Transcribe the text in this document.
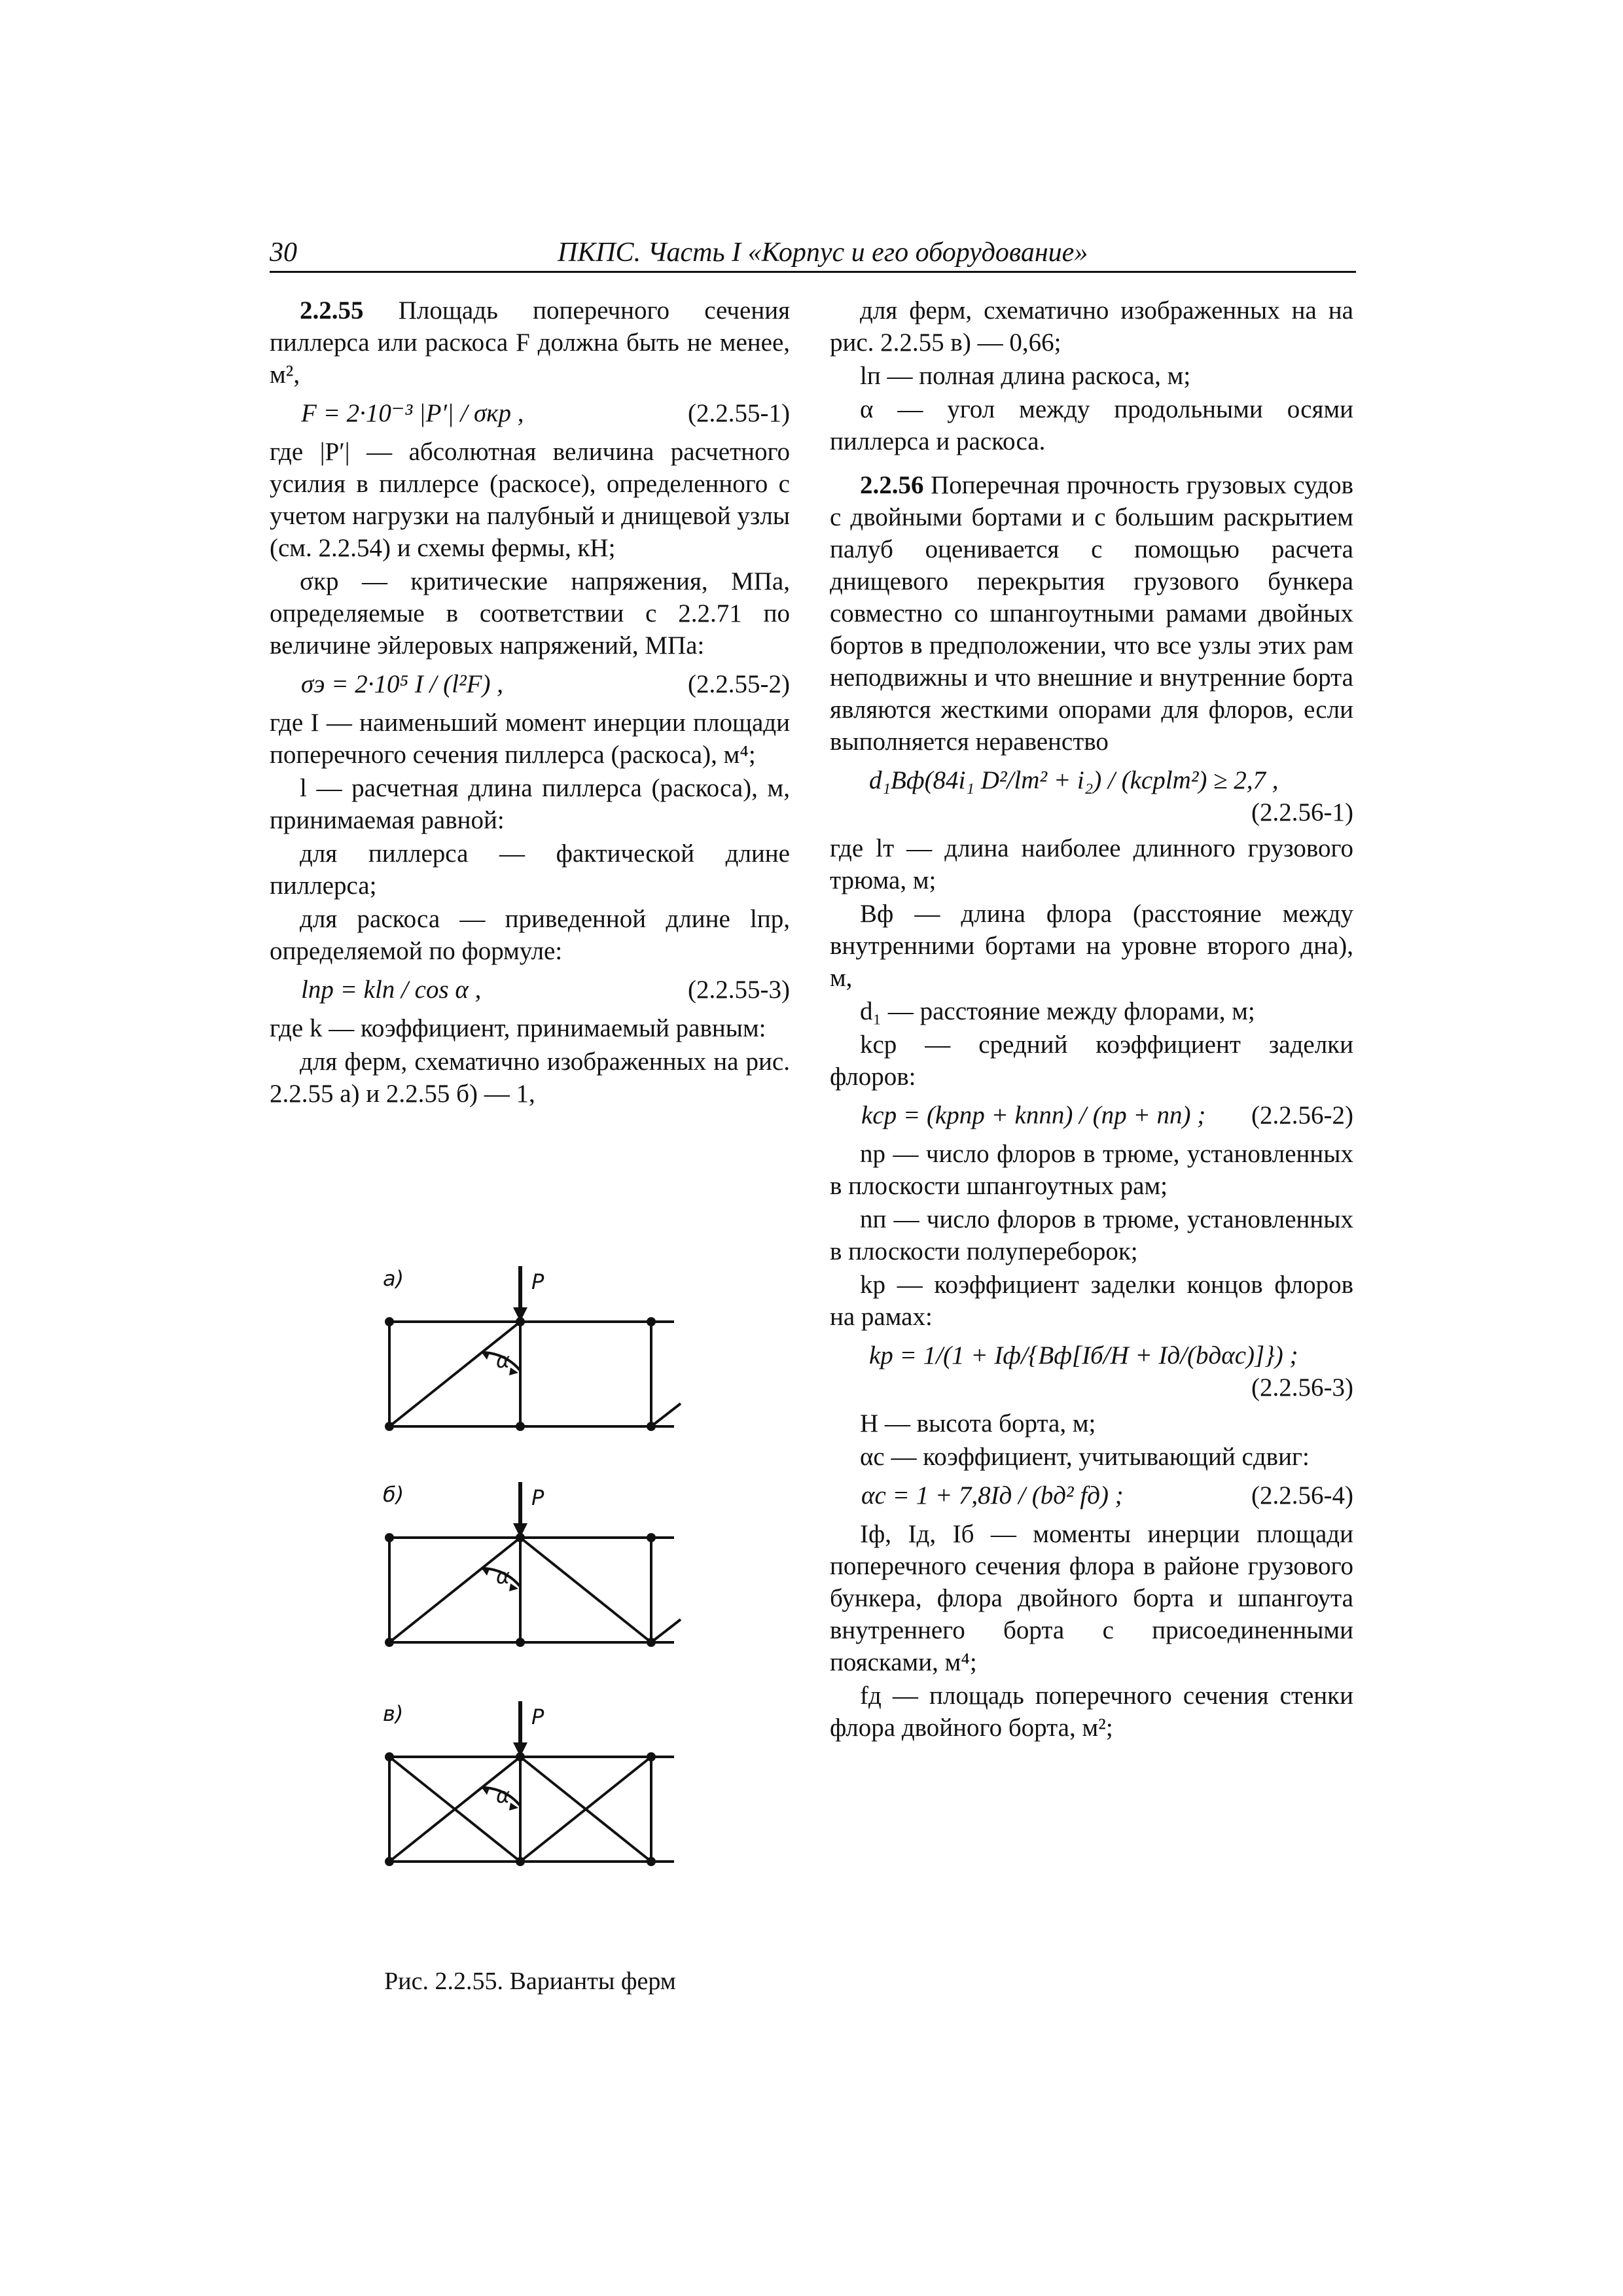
30	ПКПС. Часть I «Корпус и его оборудование»

2.2.55 Площадь поперечного сечения пиллерса или раскоса F должна быть не менее, м²,

F = 2·10⁻³ |P′| / σкр ,	(2.2.55-1)

где |P′| — абсолютная величина расчетного усилия в пиллерсе (раскосе), определенного с учетом нагрузки на палубный и днищевой узлы (см. 2.2.54) и схемы фермы, кН;

σкр — критические напряжения, МПа, определяемые в соответствии с 2.2.71 по величине эйлеровых напряжений, МПа:

σэ = 2·10⁵ I / (l²F) ,	(2.2.55-2)

где I — наименьший момент инерции площади поперечного сечения пиллерса (раскоса), м⁴;

l — расчетная длина пиллерса (раскоса), м, принимаемая равной:

для пиллерса — фактической длине пиллерса;

для раскоса — приведенной длине lпр, определяемой по формуле:

lпр = klп / cos α ,	(2.2.55-3)

где k — коэффициент, принимаемый равным:

для ферм, схематично изображенных на рис. 2.2.55 а) и 2.2.55 б) — 1,

а)
б)
в)
P
P
P
α
α
α
Рис. 2.2.55. Варианты ферм

для ферм, схематично изображенных на на рис. 2.2.55 в) — 0,66;

lп — полная длина раскоса, м;

α — угол между продольными осями пиллерса и раскоса.

2.2.56 Поперечная прочность грузовых судов с двойными бортами и с большим раскрытием палуб оценивается с помощью расчета днищевого перекрытия грузового бункера совместно со шпангоутными рамами двойных бортов в предположении, что все узлы этих рам неподвижны и что внешние и внутренние борта являются жесткими опорами для флоров, если выполняется неравенство

d₁Bф(84i₁ D²/lт² + i₂) / (kсрlт²) ≥ 2,7 ,
(2.2.56-1)

где lт — длина наиболее длинного грузового трюма, м;

Bф — длина флора (расстояние между внутренними бортами на уровне второго дна), м,

d₁ — расстояние между флорами, м;

kср — средний коэффициент заделки флоров:

kср = (kрnр + kпnп) / (nр + nп) ; (2.2.56-2)

nр — число флоров в трюме, установленных в плоскости шпангоутных рам;

nп — число флоров в трюме, установленных в плоскости полупереборок;

kр — коэффициент заделки концов флоров на рамах:

kр = 1/(1 + Iф/{Bф[Iб/H + Iд/(bдαс)]}) ;
(2.2.56-3)

H — высота борта, м;

αс — коэффициент, учитывающий сдвиг:

αс = 1 + 7,8Iд / (bд² fд) ;	(2.2.56-4)

Iф, Iд, Iб — моменты инерции площади поперечного сечения флора в районе грузового бункера, флора двойного борта и шпангоута внутреннего борта с присоединенными поясками, м⁴;

fд — площадь поперечного сечения стенки флора двойного борта, м²;
